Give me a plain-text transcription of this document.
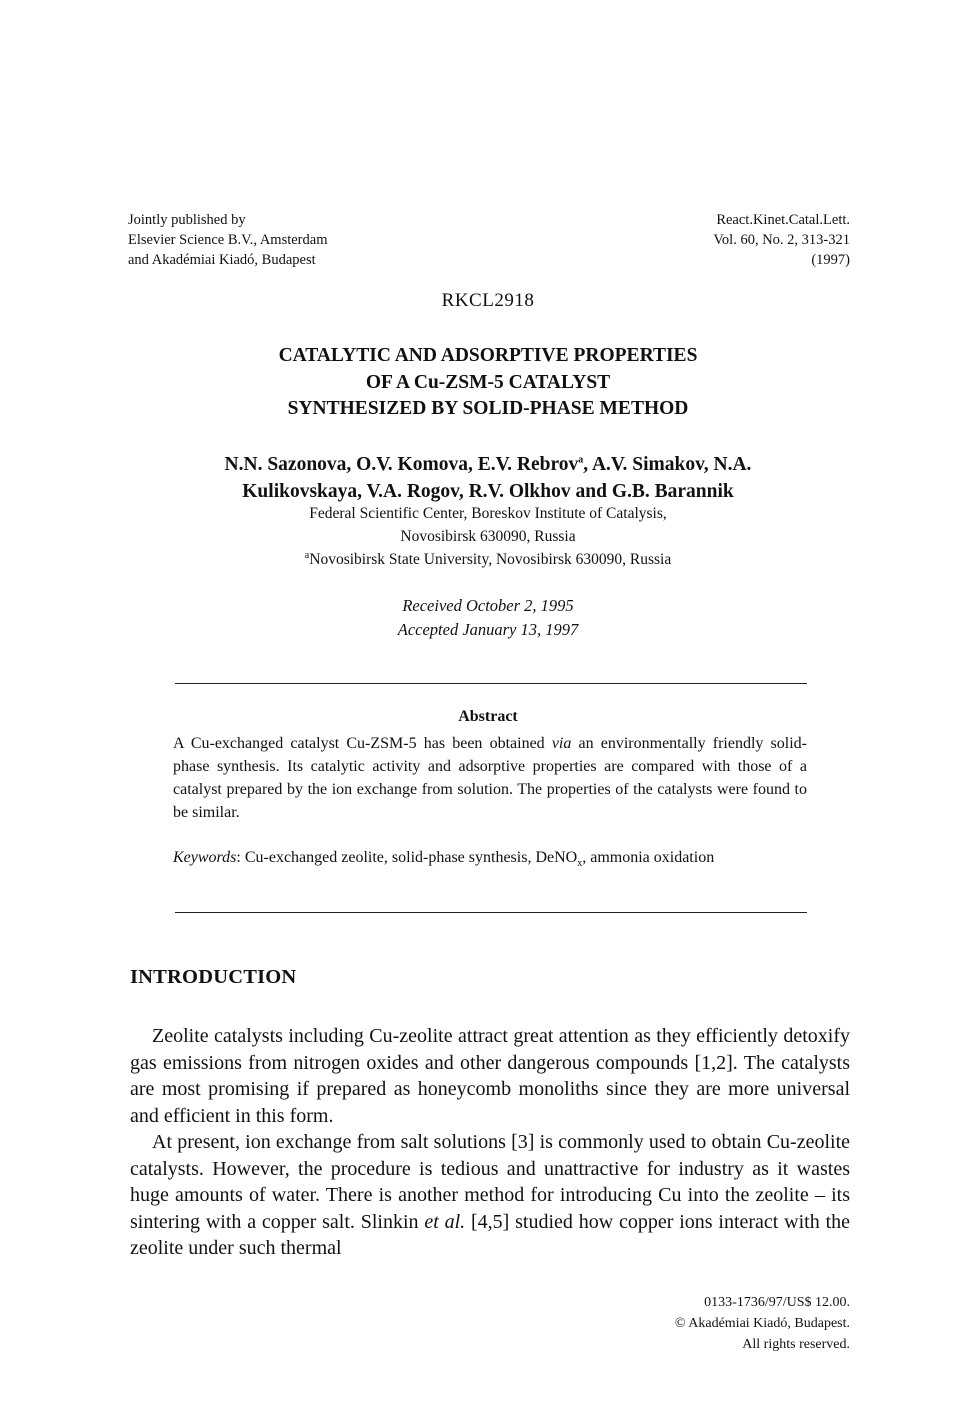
Jointly published by
Elsevier Science B.V., Amsterdam
and Akadémiai Kiadó, Budapest
React.Kinet.Catal.Lett.
Vol. 60, No. 2, 313-321
(1997)
RKCL2918
CATALYTIC AND ADSORPTIVE PROPERTIES
OF A Cu-ZSM-5 CATALYST
SYNTHESIZED BY SOLID-PHASE METHOD
N.N. Sazonova, O.V. Komova, E.V. Rebrov$^a$, A.V. Simakov, N.A.
Kulikovskaya, V.A. Rogov, R.V. Olkhov and G.B. Barannik
Federal Scientific Center, Boreskov Institute of Catalysis,
Novosibirsk 630090, Russia
$^a$Novosibirsk State University, Novosibirsk 630090, Russia
Received October 2, 1995
Accepted January 13, 1997
Abstract
A Cu-exchanged catalyst Cu-ZSM-5 has been obtained via an environmentally friendly solid-phase synthesis. Its catalytic activity and adsorptive properties are compared with those of a catalyst prepared by the ion exchange from solution. The properties of the catalysts were found to be similar.
Keywords: Cu-exchanged zeolite, solid-phase synthesis, DeNO$_x$, ammonia oxidation
INTRODUCTION

Zeolite catalysts including Cu-zeolite attract great attention as they efficiently detoxify gas emissions from nitrogen oxides and other dangerous compounds [1,2]. The catalysts are most promising if prepared as honeycomb monoliths since they are more universal and efficient in this form.

At present, ion exchange from salt solutions [3] is commonly used to obtain Cu-zeolite catalysts. However, the procedure is tedious and unattractive for industry as it wastes huge amounts of water. There is another method for introducing Cu into the zeolite – its sintering with a copper salt. Slinkin et al. [4,5] studied how copper ions interact with the zeolite under such thermal

0133-1736/97/US$ 12.00.
© Akadémiai Kiadó, Budapest.
All rights reserved.
